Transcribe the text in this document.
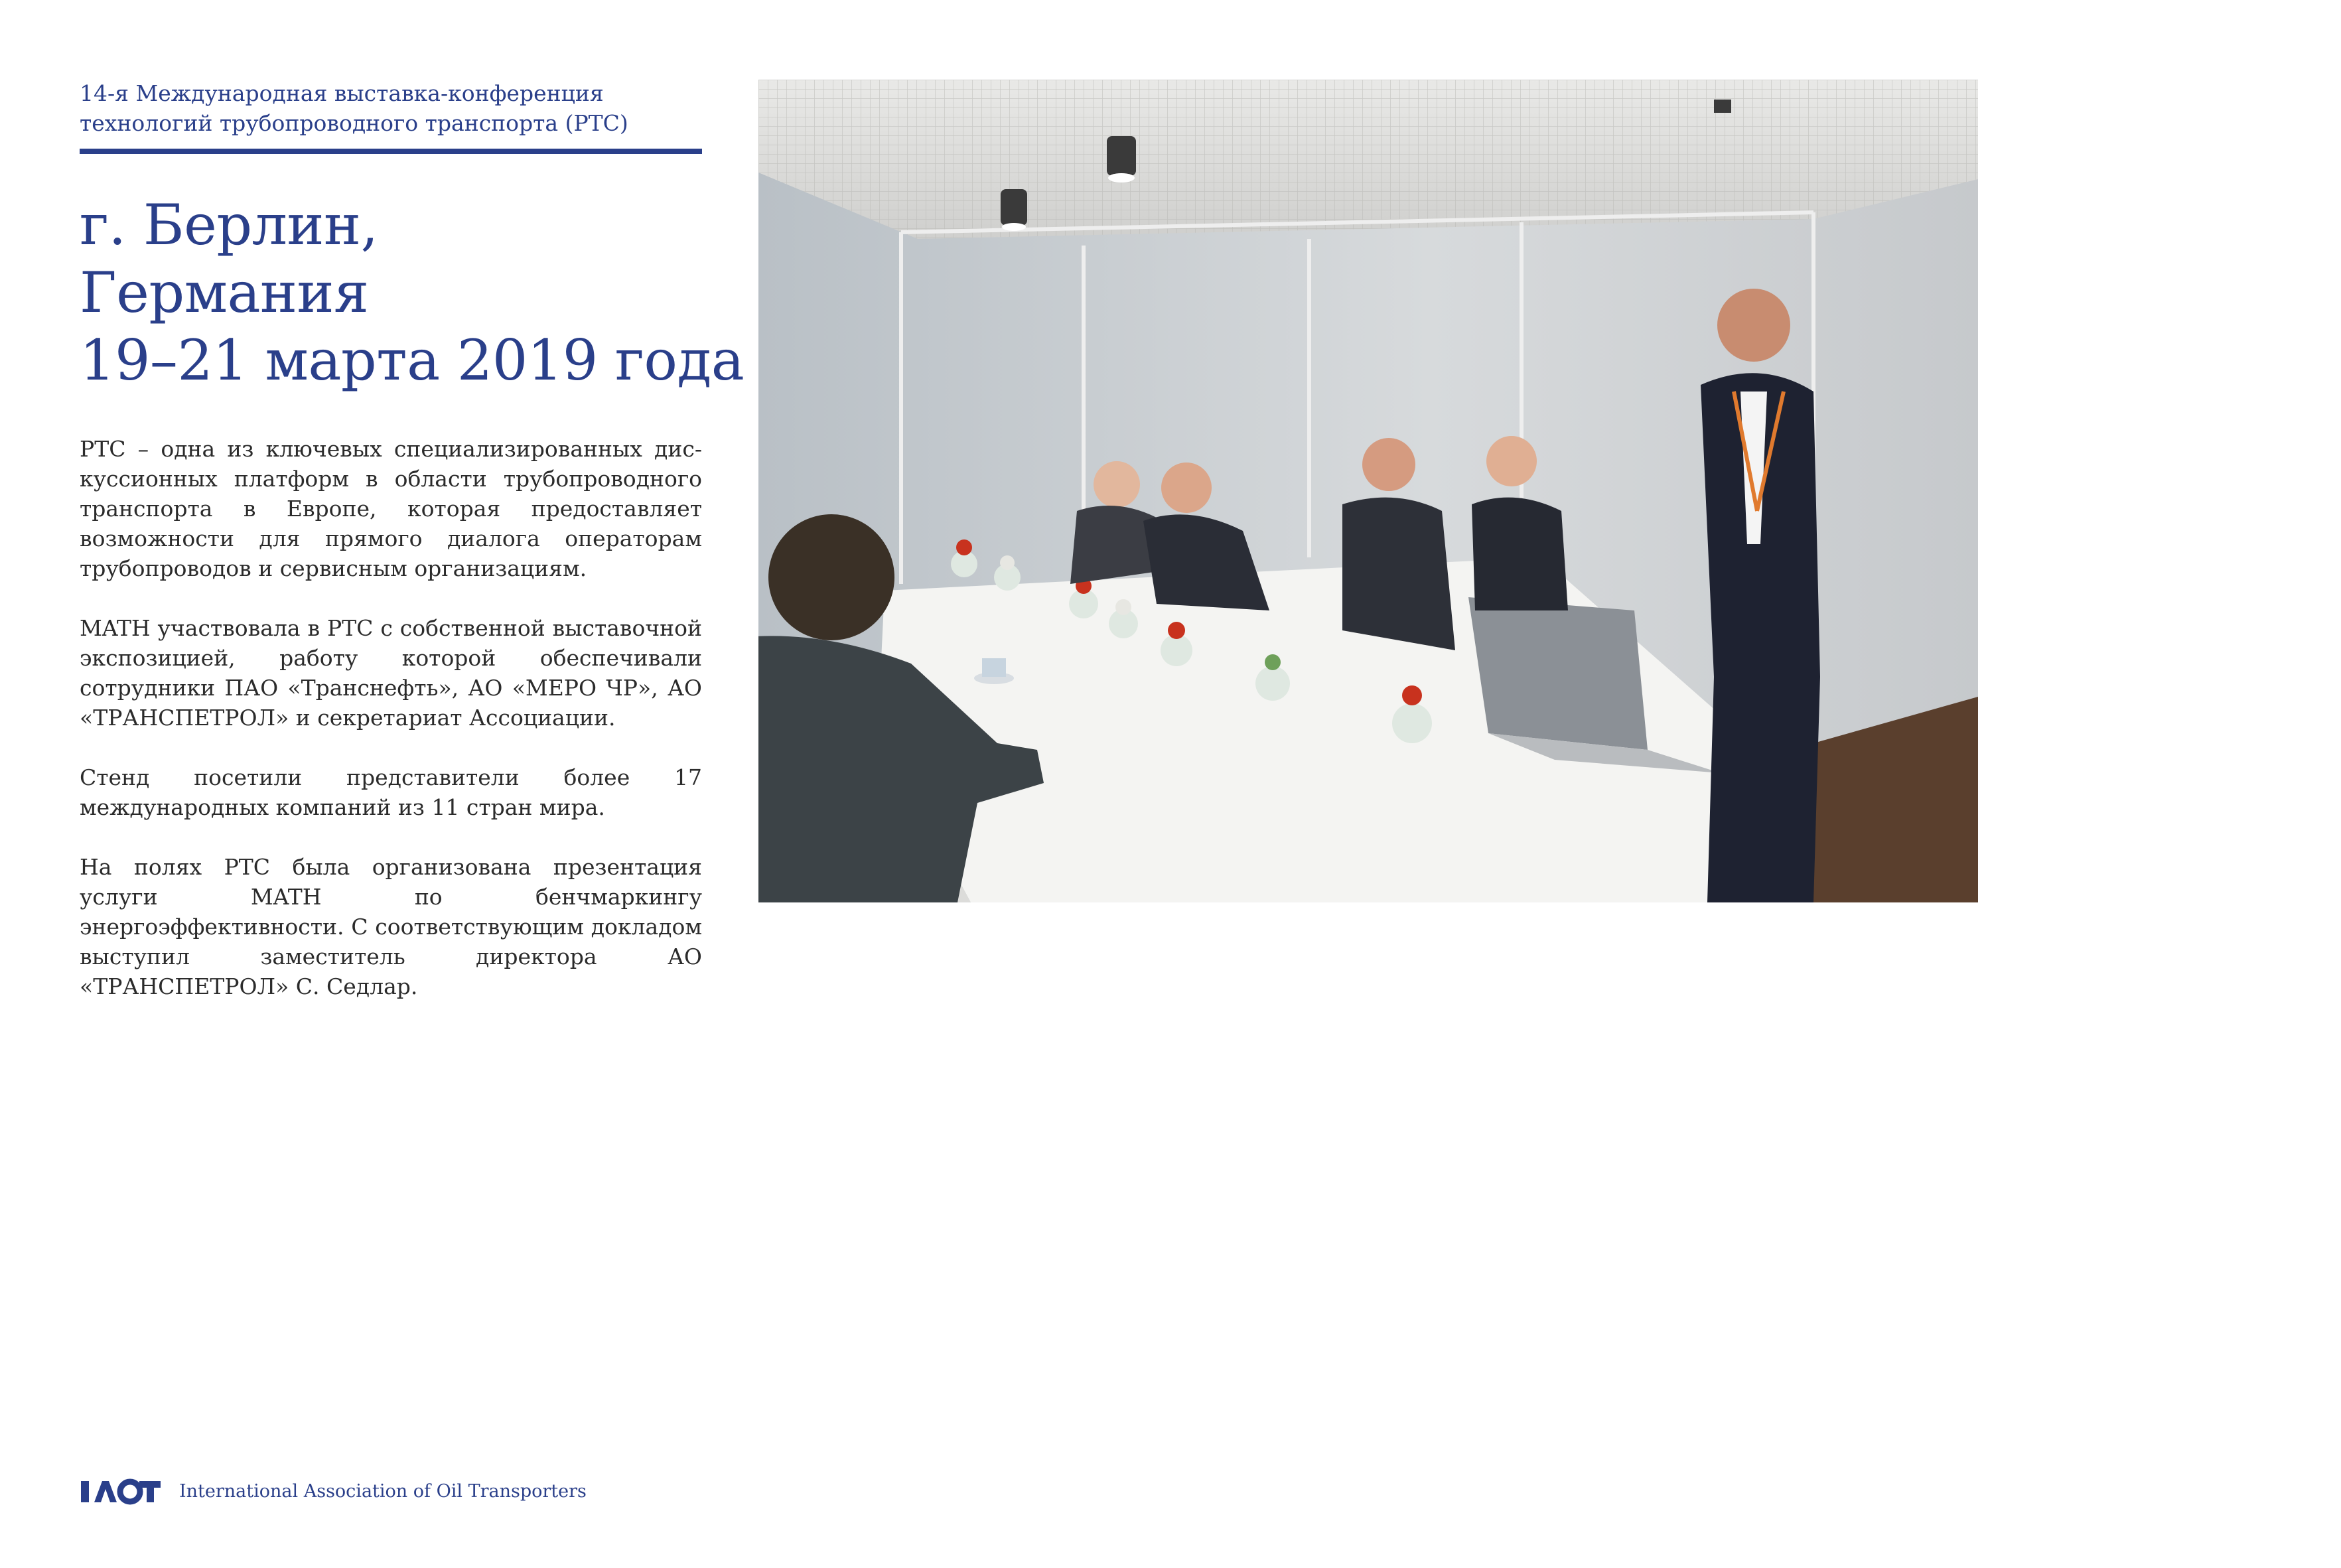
14-я Международная выставка-конференция

технологий трубопроводного транспорта (PTC)

г. Берлин,
Германия
19–21 марта 2019 года

PTC – одна из ключевых специализированных дискуссионных платформ в области трубопроводного транспорта в Европе, которая предоставляет возможности для прямого диалога операторам трубопроводов и сервисным организациям.

MATH участвовала в PTC с собственной выставочной экспозицией, работу которой обеспечивали сотрудники ПАО «Транснефть», АО «МЕРО ЧР», АО «ТРАНСПЕТРОЛ» и секретариат Ассоциации.

Стенд посетили представители более 17 международных компаний из 11 стран мира.

На полях PTC была организована презентация услуги MATH по бенчмаркингу энергоэффективности. С соответствующим докладом выступил заместитель директора АО «ТРАНСПЕТРОЛ» С. Седлар.

International Association of Oil Transporters
